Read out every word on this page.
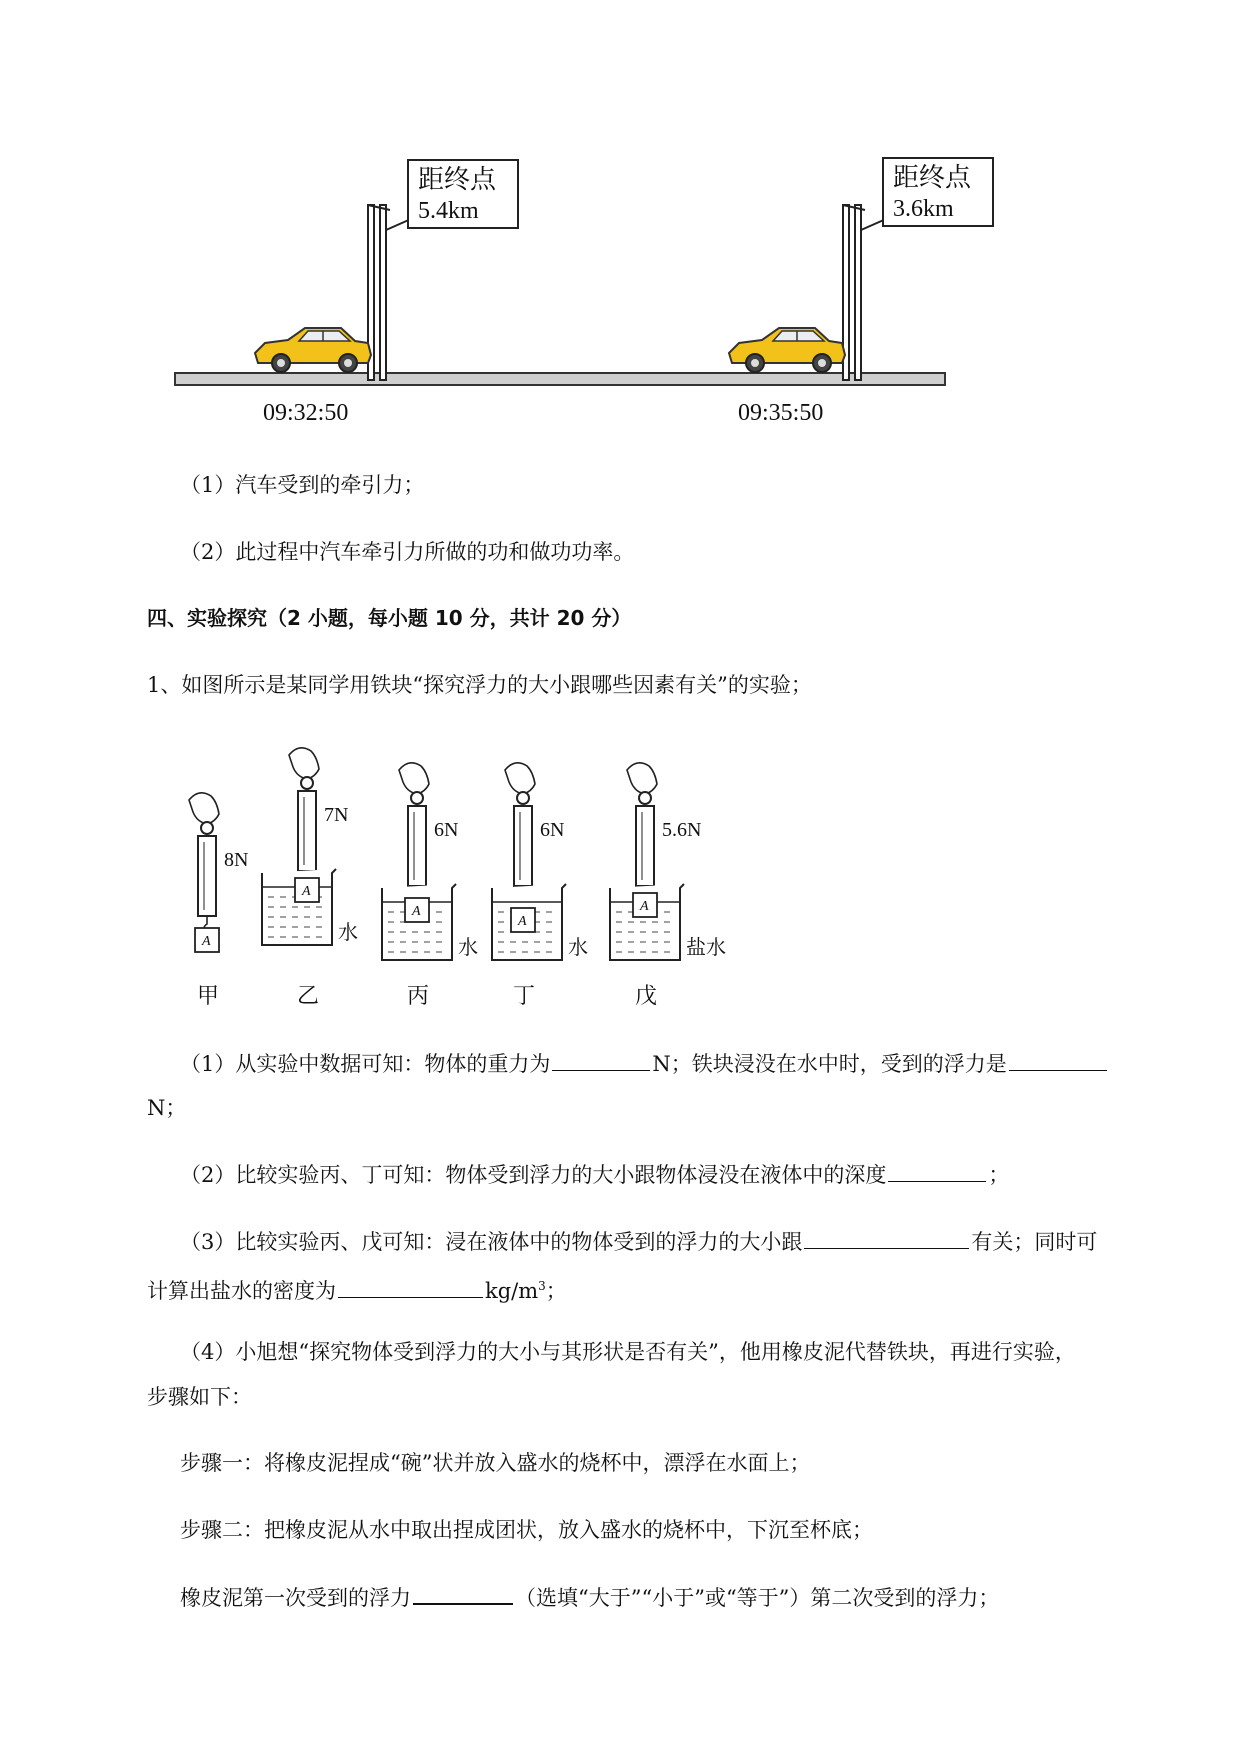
距终点
5.4km
距终点
3.6km
09:32:50	09:35:50

（1）汽车受到的牵引力；

（2）此过程中汽车牵引力所做的功和做功功率。

四、实验探究（2 小题，每小题 10 分，共计 20 分）

1、如图所示是某同学用铁块“探究浮力的大小跟哪些因素有关”的实验；

8N
A
甲
7N
水
A
乙
6N
水
A
丙
6N
水
A
丁
5.6N
盐水
A
戊

（1）从实验中数据可知：物体的重力为	N；铁块浸没在水中时，受到的浮力是

N；

（2）比较实验丙、丁可知：物体受到浮力的大小跟物体浸没在液体中的深度	；

（3）比较实验丙、戊可知：浸在液体中的物体受到的浮力的大小跟	有关；同时可

计算出盐水的密度为	$kg/m^3$；

（4）小旭想“探究物体受到浮力的大小与其形状是否有关”，他用橡皮泥代替铁块，再进行实验，

步骤如下：

步骤一：将橡皮泥捏成“碗”状并放入盛水的烧杯中，漂浮在水面上；

步骤二：把橡皮泥从水中取出捏成团状，放入盛水的烧杯中，下沉至杯底；

橡皮泥第一次受到的浮力	（选填“大于”“小于”或“等于”）第二次受到的浮力；
